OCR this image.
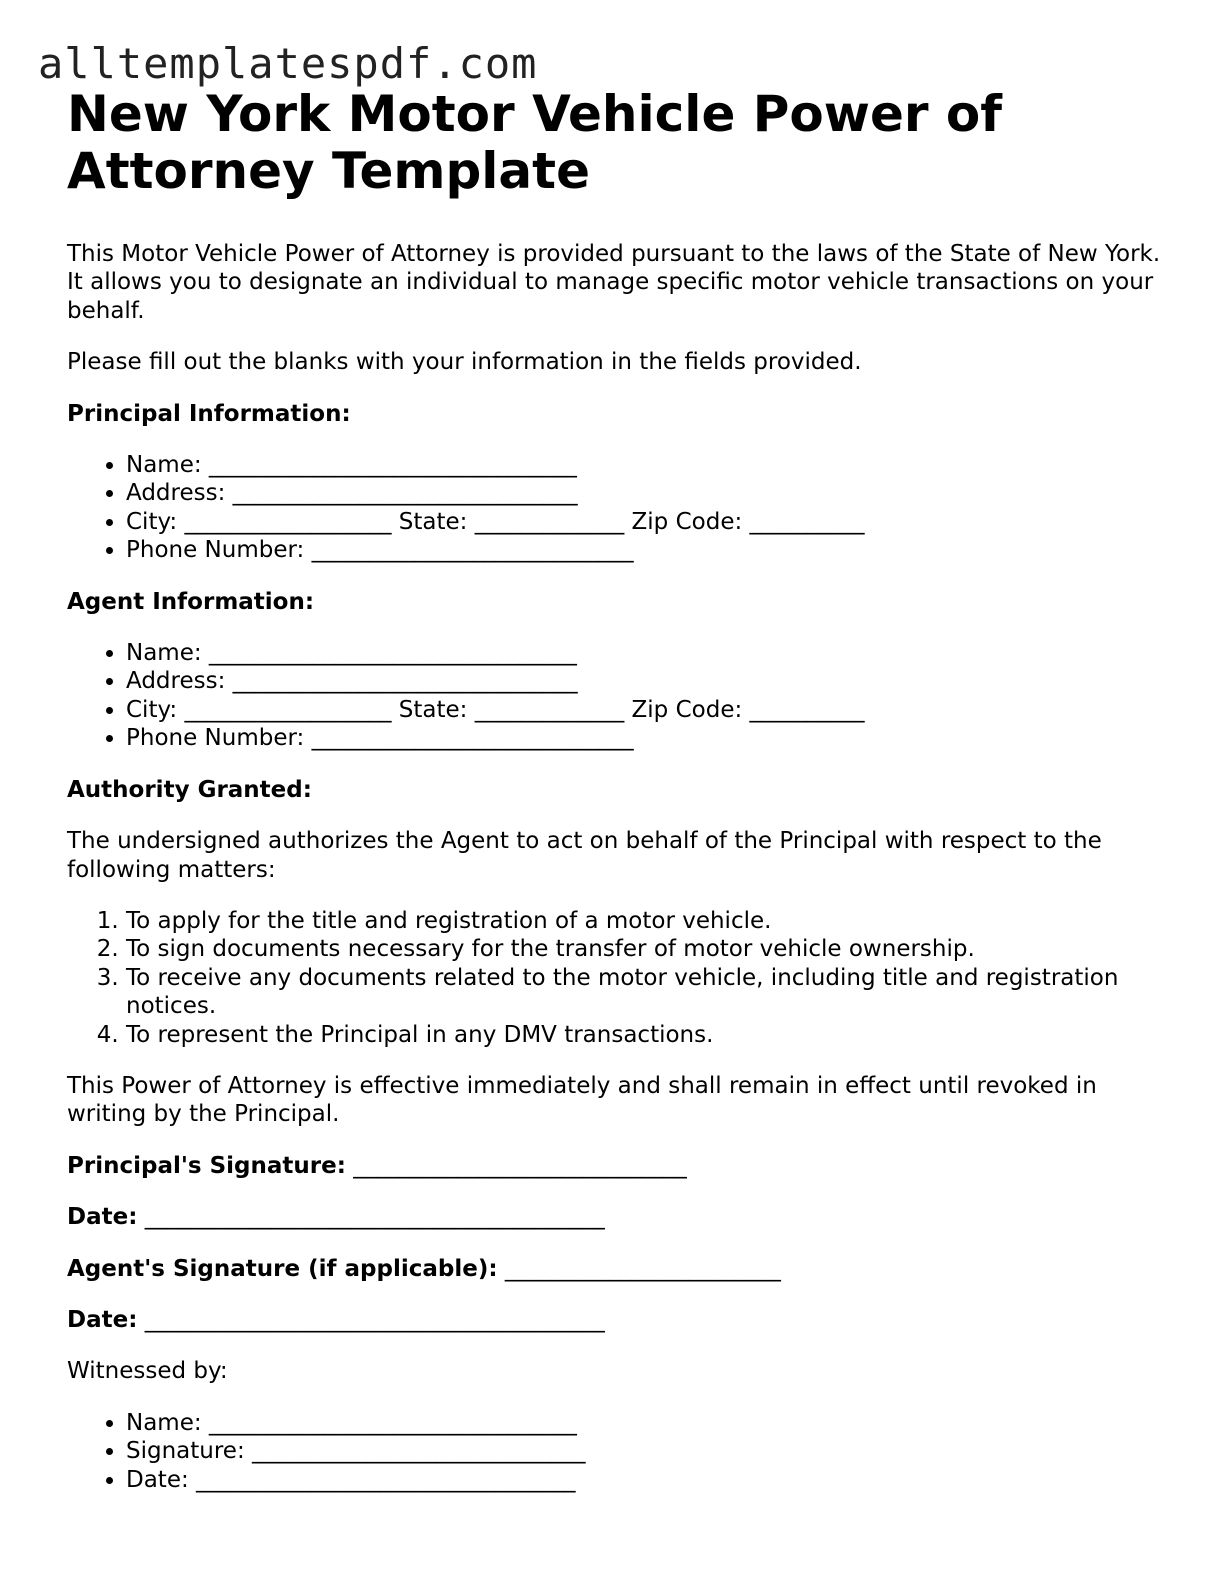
alltemplatespdf.com
New York Motor Vehicle Power of Attorney Template

This Motor Vehicle Power of Attorney is provided pursuant to the laws of the State of New York. It allows you to designate an individual to manage specific motor vehicle transactions on your behalf.

Please fill out the blanks with your information in the fields provided.

Principal Information:
• Name: ________________________________
• Address: ______________________________
• City: __________________ State: _____________ Zip Code: __________
• Phone Number: ____________________________
Agent Information:
• Name: ________________________________
• Address: ______________________________
• City: __________________ State: _____________ Zip Code: __________
• Phone Number: ____________________________
Authority Granted:

The undersigned authorizes the Agent to act on behalf of the Principal with respect to the following matters:

1. To apply for the title and registration of a motor vehicle.
2. To sign documents necessary for the transfer of motor vehicle ownership.
3. To receive any documents related to the motor vehicle, including title and registration notices.
4. To represent the Principal in any DMV transactions.

This Power of Attorney is effective immediately and shall remain in effect until revoked in writing by the Principal.

Principal's Signature: _____________________________

Date: ________________________________________

Agent's Signature (if applicable): ________________________

Date: ________________________________________

Witnessed by:

• Name: ________________________________
• Signature: _____________________________
• Date: _________________________________
